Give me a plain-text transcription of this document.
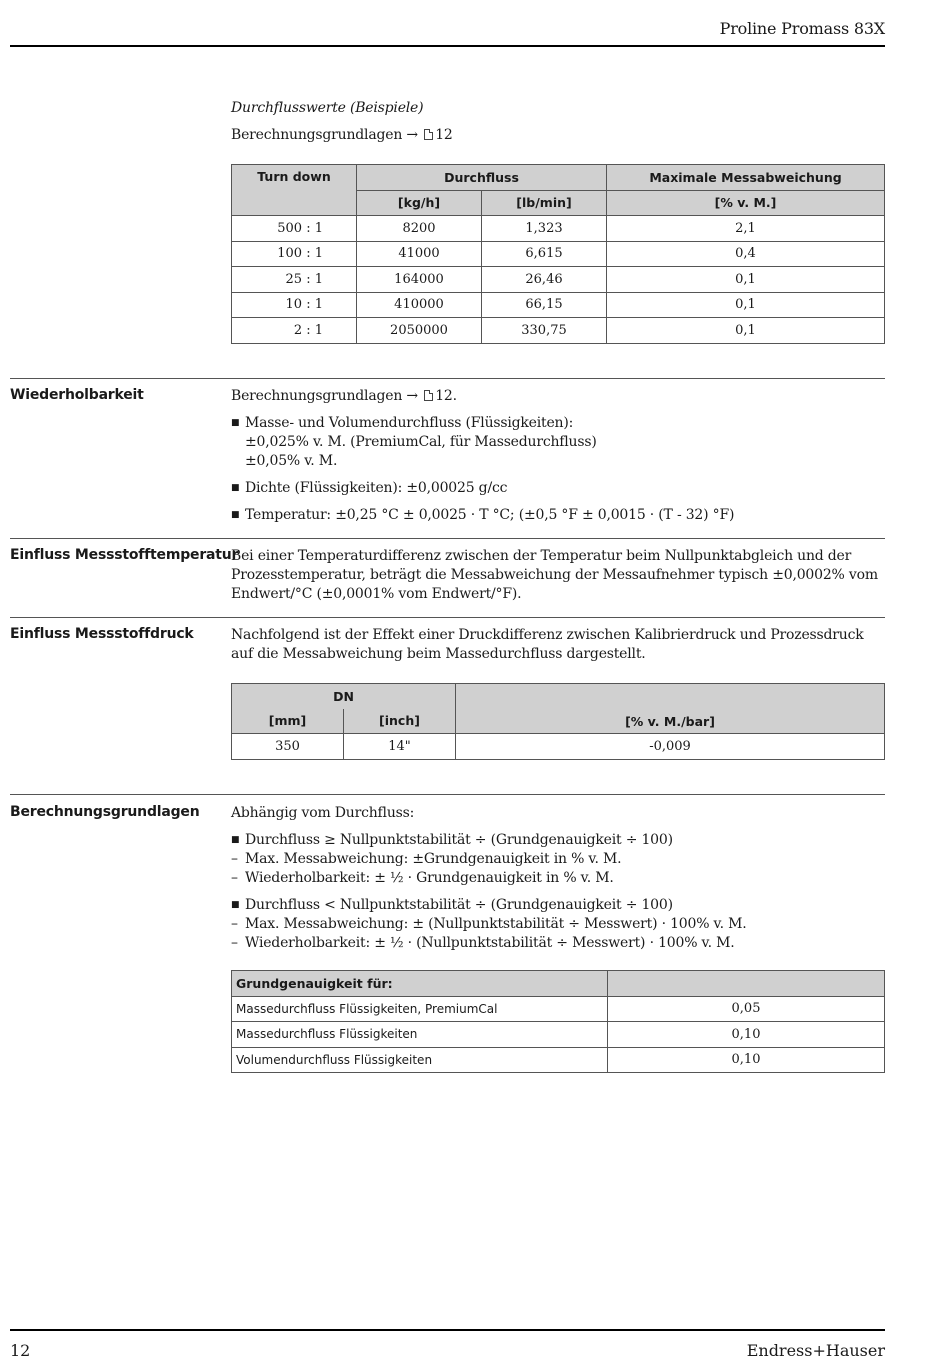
Proline Promass 83X

Durchflusswerte (Beispiele)

Berechnungsgrundlagen → 12

Turn down	Durchfluss		Maximale Messabweichung
	[kg/h]	[lb/min]	[% v. M.]
500 : 1	8200	1,323	2,1
100 : 1	41000	6,615	0,4
25 : 1	164000	26,46	0,1
10 : 1	410000	66,15	0,1
2 : 1	2050000	330,75	0,1
Wiederholbarkeit	Berechnungsgrundlagen → 12.

■ Masse- und Volumendurchfluss (Flüssigkeiten):
±0,025% v. M. (PremiumCal, für Massedurchfluss)
±0,05% v. M.
■ Dichte (Flüssigkeiten): ±0,00025 g/cc
■ Temperatur: ±0,25 °C ± 0,0025 · T °C; (±0,5 °F ± 0,0015 · (T - 32) °F)
Einfluss Messstofftemperatur

Bei einer Temperaturdifferenz zwischen der Temperatur beim Nullpunktabgleich und der Prozesstemperatur, beträgt die Messabweichung der Messaufnehmer typisch ±0,0002% vom Endwert/°C (±0,0001% vom Endwert/°F).

Einfluss Messstoffdruck	Nachfolgend ist der Effekt einer Druckdifferenz zwischen Kalibrierdruck und Prozessdruck auf die Messabweichung beim Massedurchfluss dargestellt.

DN		[% v. M./bar]
[mm]	[inch]	
350	14"	-0,009
Berechnungsgrundlagen Abhängig vom Durchfluss:

■ Durchfluss ≥ Nullpunktstabilität ÷ (Grundgenauigkeit ÷ 100)
– Max. Messabweichung: ±Grundgenauigkeit in % v. M.
– Wiederholbarkeit: ± ½ · Grundgenauigkeit in % v. M.
■ Durchfluss < Nullpunktstabilität ÷ (Grundgenauigkeit ÷ 100)
– Max. Messabweichung: ± (Nullpunktstabilität ÷ Messwert) · 100% v. M.
– Wiederholbarkeit: ± ½ · (Nullpunktstabilität ÷ Messwert) · 100% v. M.
Grundgenauigkeit für:	
Massedurchfluss Flüssigkeiten, PremiumCal	0,05
Massedurchfluss Flüssigkeiten	0,10
Volumendurchfluss Flüssigkeiten	0,10
12	Endress+Hauser
